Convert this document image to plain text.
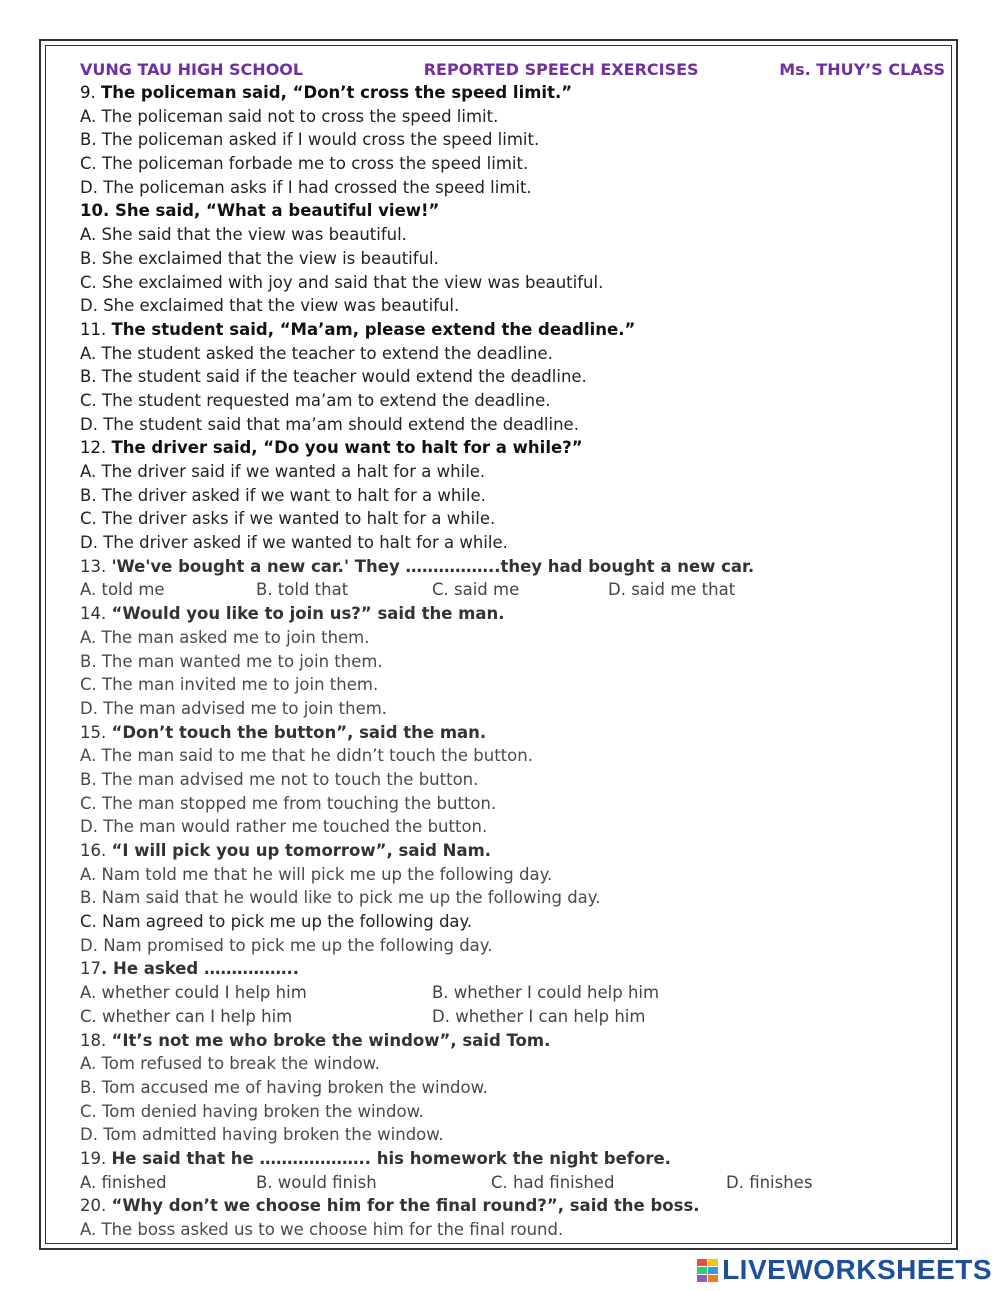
VUNG TAU HIGH SCHOOL	REPORTED SPEECH EXERCISES	Ms. THUY’S CLASS
9. The policeman said, “Don’t cross the speed limit.”
A. The policeman said not to cross the speed limit.
B. The policeman asked if I would cross the speed limit.
C. The policeman forbade me to cross the speed limit.
D. The policeman asks if I had crossed the speed limit.
10. She said, “What a beautiful view!”
A. She said that the view was beautiful.
B. She exclaimed that the view is beautiful.
C. She exclaimed with joy and said that the view was beautiful.
D. She exclaimed that the view was beautiful.
11. The student said, “Ma’am, please extend the deadline.”
A. The student asked the teacher to extend the deadline.
B. The student said if the teacher would extend the deadline.
C. The student requested ma’am to extend the deadline.
D. The student said that ma’am should extend the deadline.
12. The driver said, “Do you want to halt for a while?”
A. The driver said if we wanted a halt for a while.
B. The driver asked if we want to halt for a while.
C. The driver asks if we wanted to halt for a while.
D. The driver asked if we wanted to halt for a while.
13. 'We've bought a new car.' They ……………..they had bought a new car.
A. told me	B. told that	C. said me	D. said me that
14. “Would you like to join us?” said the man.
A. The man asked me to join them.
B. The man wanted me to join them.
C. The man invited me to join them.
D. The man advised me to join them.
15. “Don’t touch the button”, said the man.
A. The man said to me that he didn’t touch the button.
B. The man advised me not to touch the button.
C. The man stopped me from touching the button.
D. The man would rather me touched the button.
16. “I will pick you up tomorrow”, said Nam.
A. Nam told me that he will pick me up the following day.
B. Nam said that he would like to pick me up the following day.
C. Nam agreed to pick me up the following day.
D. Nam promised to pick me up the following day.
17. He asked ……………..
A. whether could I help him	B. whether I could help him
C. whether can I help him	D. whether I can help him
18. “It’s not me who broke the window”, said Tom.
A. Tom refused to break the window.
B. Tom accused me of having broken the window.
C. Tom denied having broken the window.
D. Tom admitted having broken the window.
19. He said that he ……………….. his homework the night before.
A. finished	B. would finish	C. had finished	D. finishes
20. “Why don’t we choose him for the final round?”, said the boss.
A. The boss asked us to we choose him for the final round.
LIVEWORKSHEETS
